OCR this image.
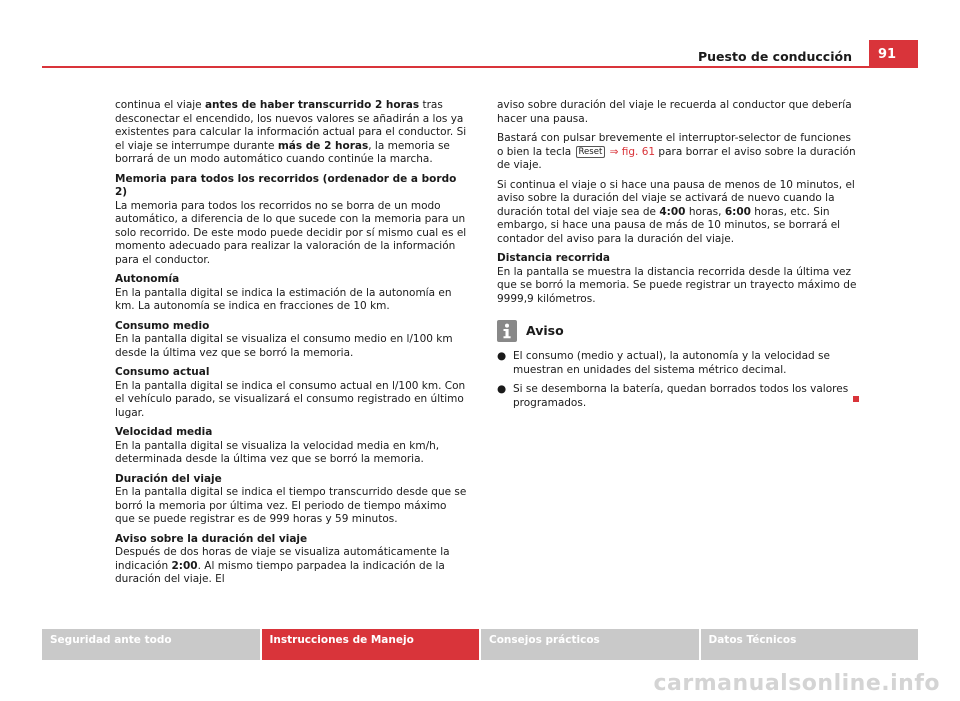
91
Puesto de conducción

continua el viaje antes de haber transcurrido 2 horas tras desconectar el encendido, los nuevos valores se añadirán a los ya existentes para calcular la información actual para el conductor. Si el viaje se interrumpe durante más de 2 horas, la memoria se borrará de un modo automático cuando continúe la marcha.

Memoria para todos los recorridos (ordenador de a bordo 2)

La memoria para todos los recorridos no se borra de un modo automático, a diferencia de lo que sucede con la memoria para un solo recorrido. De este modo puede decidir por sí mismo cual es el momento adecuado para realizar la valoración de la información para el conductor.

Autonomía

En la pantalla digital se indica la estimación de la autonomía en km. La autonomía se indica en fracciones de 10 km.

Consumo medio

En la pantalla digital se visualiza el consumo medio en l/100 km desde la última vez que se borró la memoria.

Consumo actual

En la pantalla digital se indica el consumo actual en l/100 km. Con el vehículo parado, se visualizará el consumo registrado en último lugar.

Velocidad media

En la pantalla digital se visualiza la velocidad media en km/h, determinada desde la última vez que se borró la memoria.

Duración del viaje

En la pantalla digital se indica el tiempo transcurrido desde que se borró la memoria por última vez. El periodo de tiempo máximo que se puede registrar es de 999 horas y 59 minutos.

Aviso sobre la duración del viaje

Después de dos horas de viaje se visualiza automáticamente la indicación 2:00. Al mismo tiempo parpadea la indicación de la duración del viaje. El

aviso sobre duración del viaje le recuerda al conductor que debería hacer una pausa.

Bastará con pulsar brevemente el interruptor-selector de funciones o bien la tecla Reset ⇒ fig. 61 para borrar el aviso sobre la duración de viaje.

Si continua el viaje o si hace una pausa de menos de 10 minutos, el aviso sobre la duración del viaje se activará de nuevo cuando la duración total del viaje sea de 4:00 horas, 6:00 horas, etc. Sin embargo, si hace una pausa de más de 10 minutos, se borrará el contador del aviso para la duración del viaje.

Distancia recorrida

En la pantalla se muestra la distancia recorrida desde la última vez que se borró la memoria. Se puede registrar un trayecto máximo de 9999,9 kilómetros.

Aviso
● El consumo (medio y actual), la autonomía y la velocidad se muestran en unidades del sistema métrico decimal.
● Si se desemborna la batería, quedan borrados todos los valores programados.
Seguridad ante todo	Instrucciones de Manejo	Consejos prácticos	Datos Técnicos
carmanualsonline.info
